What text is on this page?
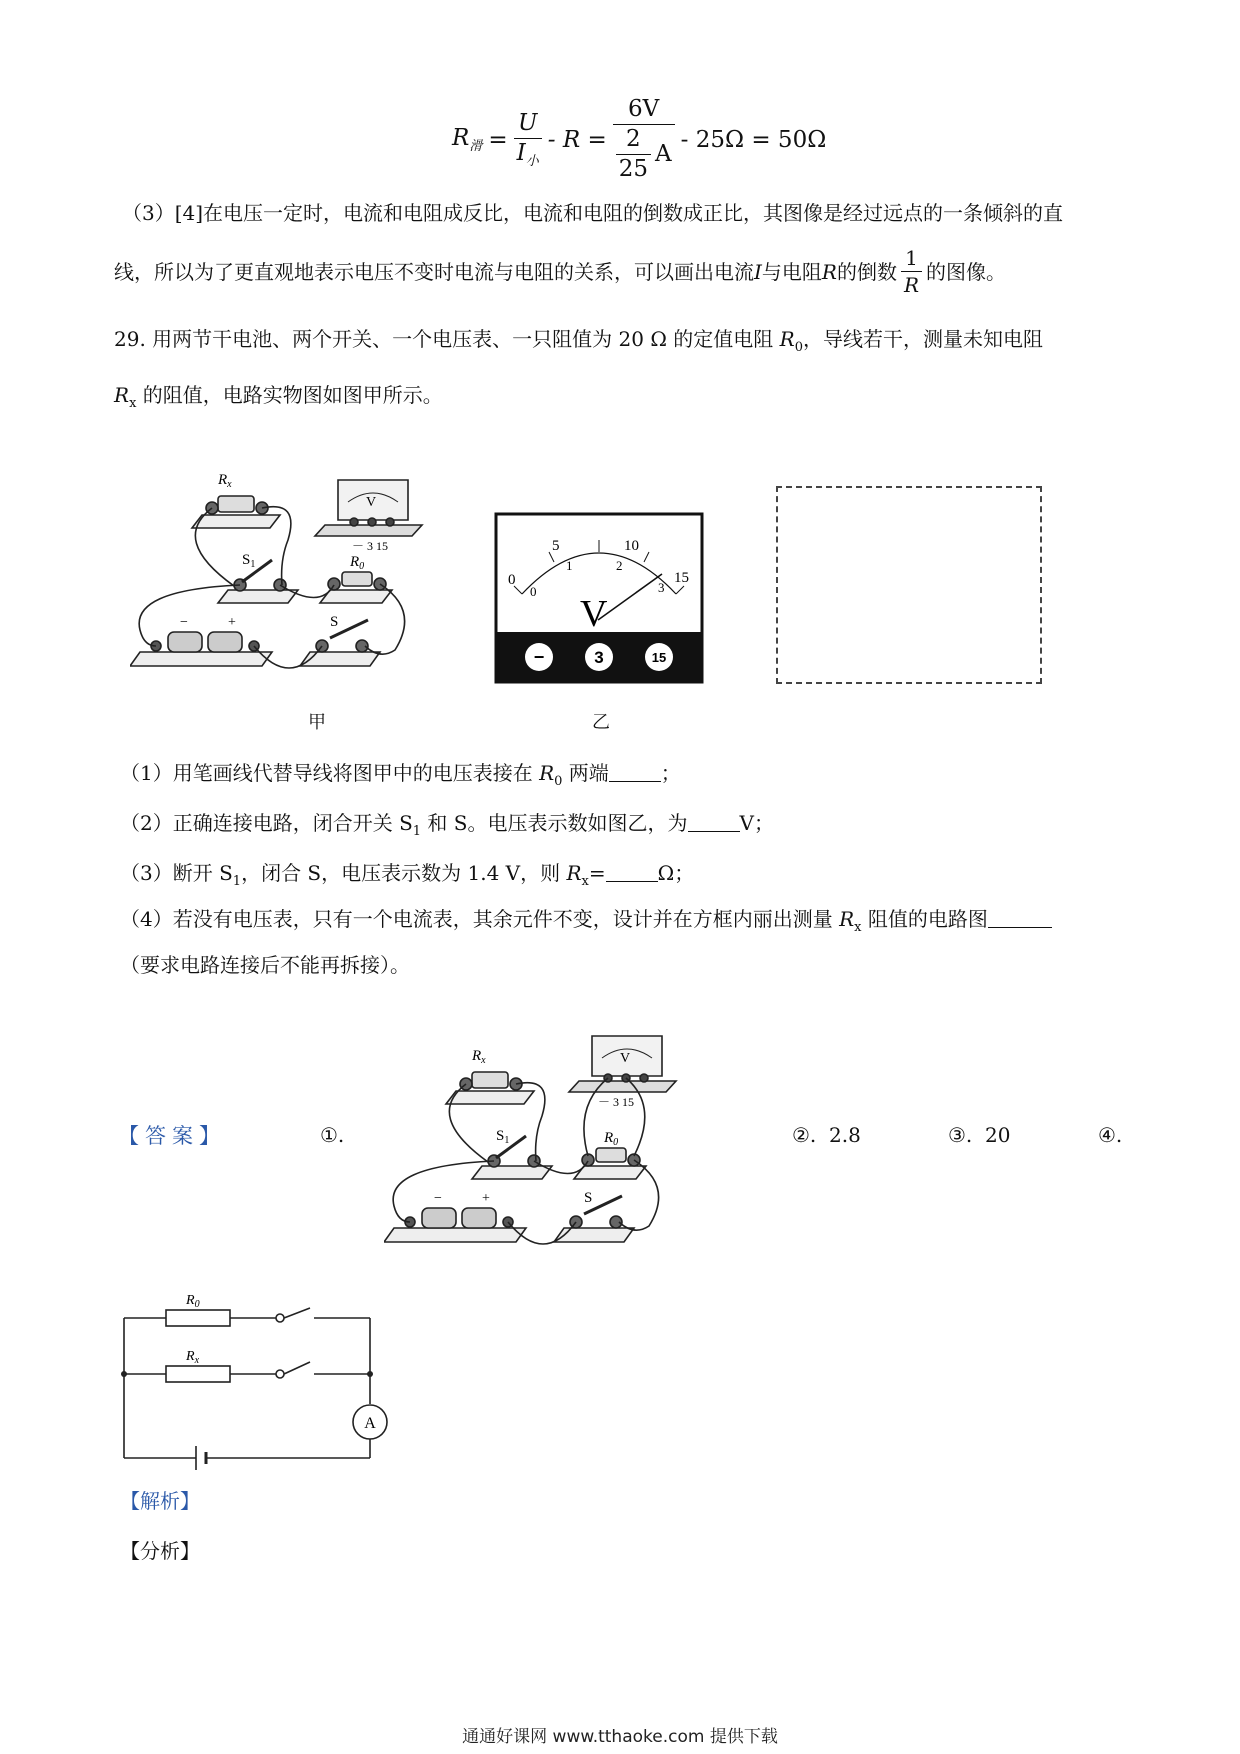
$R_滑 = \frac{U}{I_小} - R = \frac{6V}{\frac{2}{25} A} - 25\Omega = 50\Omega$
（3）[4]在电压一定时，电流和电阻成反比，电流和电阻的倒数成正比，其图像是经过远点的一条倾斜的直
线，所以为了更直观地表示电压不变时电流与电阻的关系，可以画出电流 I 与电阻 R 的倒数 $\frac{1}{R}$ 的图像。
29. 用两节干电池、两个开关、一个电压表、一只阻值为 20 Ω 的定值电阻 $R_0$，导线若干，测量未知电阻
$R_x$ 的阻值，电路实物图如图甲所示。
$R_x$
V
－ 3 15
$S_1$	$R_0$
S
−	+
0
5	10
15
0
1	2
3
V
−	3	15
甲	乙
（1）用笔画线代替导线将图甲中的电压表接在 $R_0$ 两端	；
（2）正确连接电路，闭合开关 $S_1$ 和 S。电压表示数如图乙，为	V；
（3）断开 $S_1$，闭合 S，电压表示数为 1.4 V，则 $R_x=$	Ω；
（4）若没有电压表，只有一个电流表，其余元件不变，设计并在方框内丽出测量 $R_x$ 阻值的电路图
（要求电路连接后不能再拆接）。
【答案】	①.
$R_x$	V
－ 3 15
$S_1$	$R_0$
S
−	+
②. 2.8	③. 20	④.
$R_0$
$R_x$
A
【解析】
【分析】
通通好课网 www.tthaoke.com 提供下载
